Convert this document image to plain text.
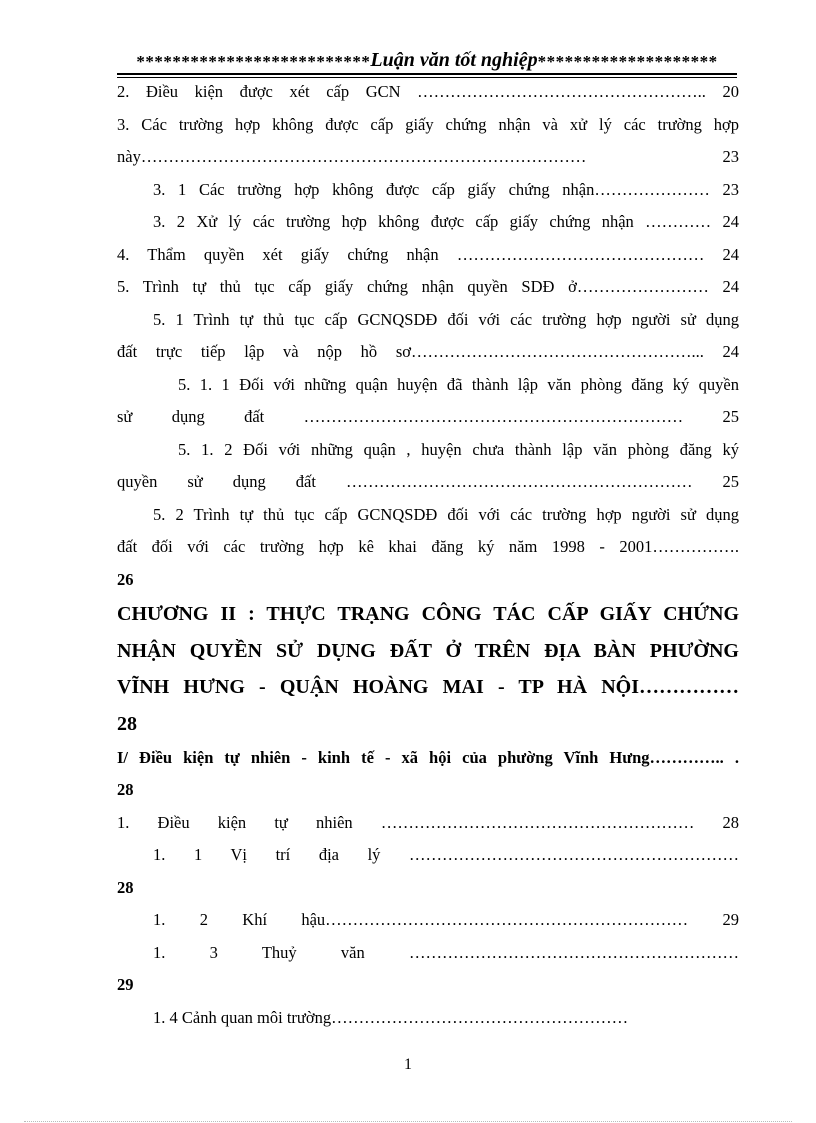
************************** Luận văn tốt nghiệp ********************
2. Điều kiện được xét cấp GCN …………………………………………….. 20
3. Các trường hợp không được cấp giấy chứng nhận và xử lý các trường hợp
này……………………………………………………………………… 23
3. 1 Các trường hợp không được cấp giấy chứng nhận………………… 23
3. 2 Xử lý các trường hợp không được cấp giấy chứng nhận ………… 24
4. Thẩm quyền xét giấy chứng nhận ……………………………………… 24
5. Trình tự thủ tục cấp giấy chứng nhận quyền SDĐ ở…………………… 24
5. 1 Trình tự thủ tục cấp GCNQSDĐ đối với các trường hợp người sử dụng
đất trực tiếp lập và nộp hồ sơ……………………………………………... 24
5. 1. 1 Đối với những quận huyện đã thành lập văn phòng đăng ký quyền
sử dụng đất …………………………………………………………… 25
5. 1. 2 Đối với những quận , huyện chưa thành lập văn phòng đăng ký
quyền sử dụng đất ……………………………………………………… 25
5. 2 Trình tự thủ tục cấp GCNQSDĐ đối với các trường hợp người sử dụng
đất đối với các trường hợp kê khai đăng ký năm 1998 - 2001…………….
26
CHƯƠNG II : THỰC TRẠNG CÔNG TÁC CẤP GIẤY CHỨNG
NHẬN QUYỀN SỬ DỤNG ĐẤT Ở TRÊN ĐỊA BÀN PHƯỜNG
VĨNH HƯNG - QUẬN HOÀNG MAI - TP HÀ NỘI……………
28
I/ Điều kiện tự nhiên - kinh tế - xã hội của phường Vĩnh Hưng………….. .
28
1. Điều kiện tự nhiên ………………………………………………… 28
1. 1 Vị trí địa lý ……………………………………………………
28
1. 2 Khí hậu………………………………………………………… 29
1. 3 Thuỷ văn ……………………………………………………
29
1. 4 Cảnh quan môi trường………………………………………………
1
